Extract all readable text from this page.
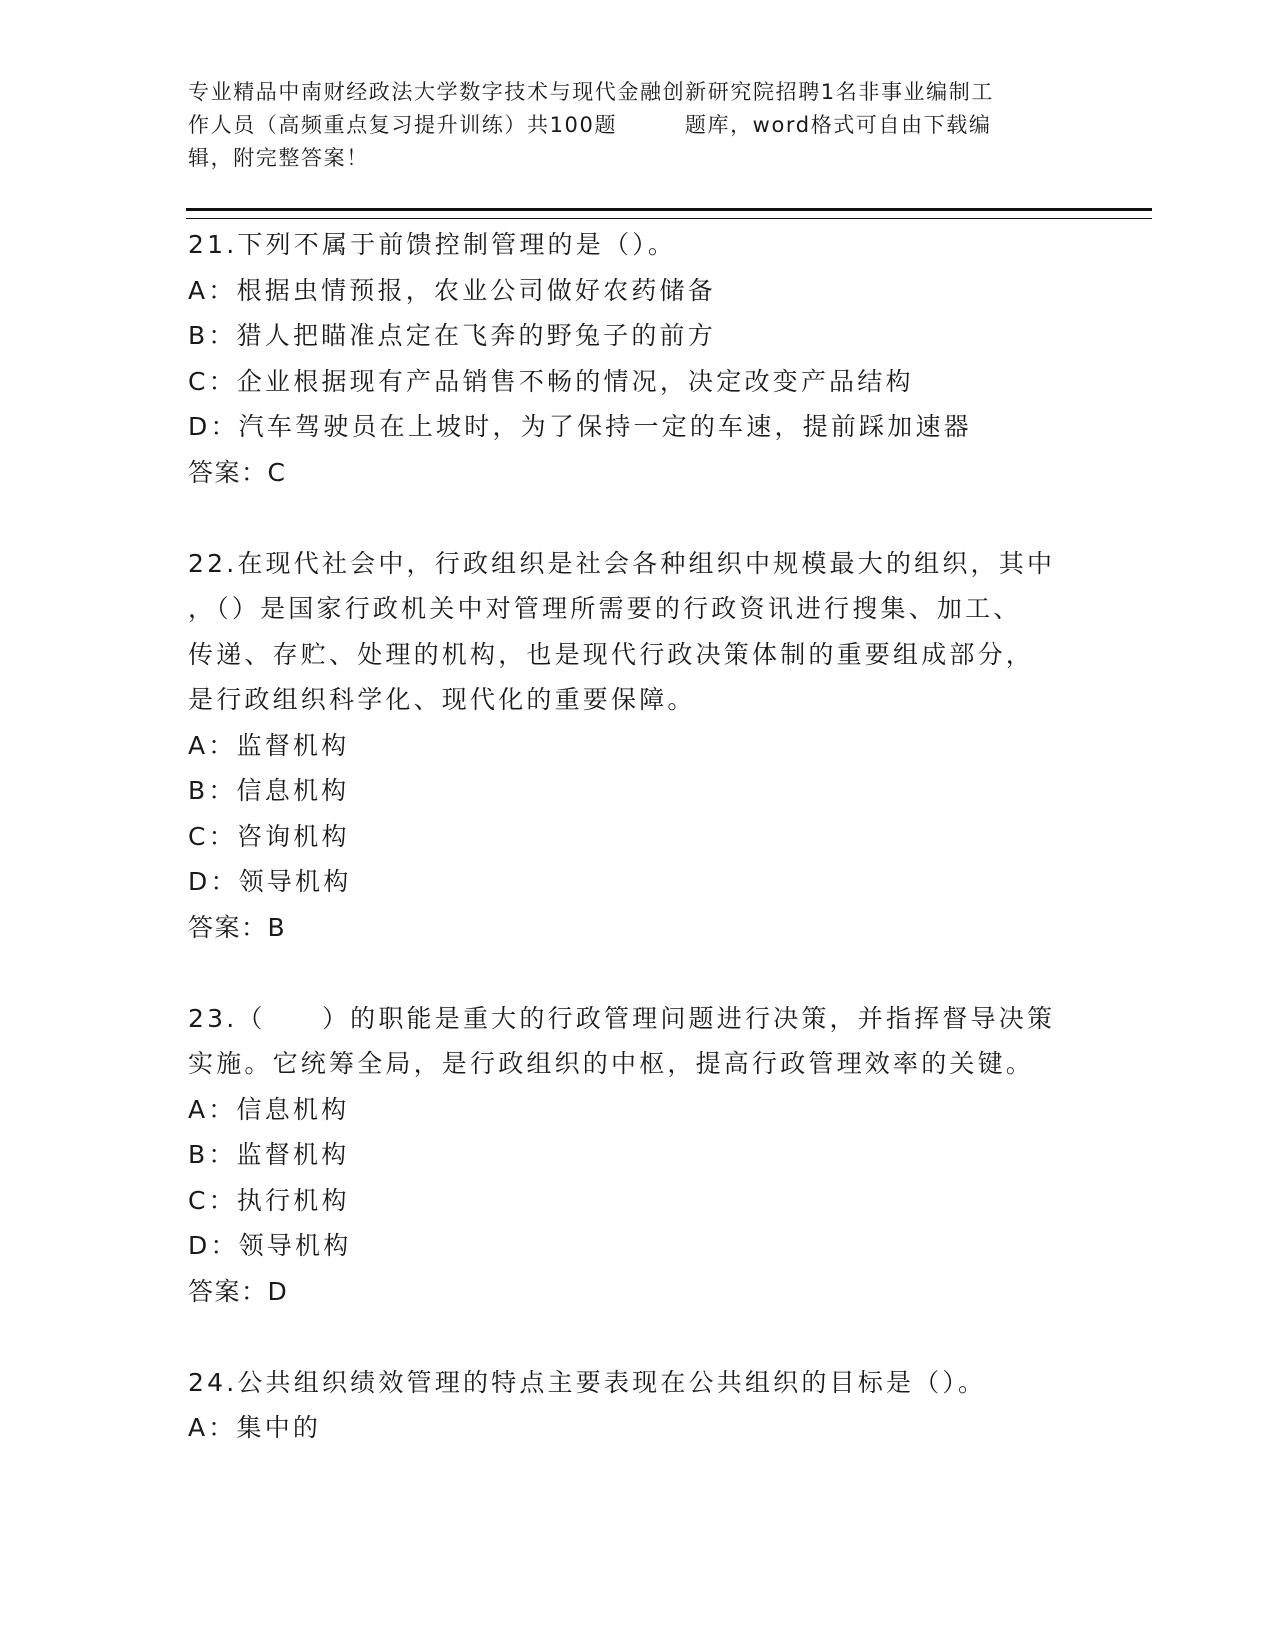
专业精品中南财经政法大学数字技术与现代金融创新研究院招聘1名非事业编制工
作人员（高频重点复习提升训练）共100题　　　题库，word格式可自由下载编
辑，附完整答案！
21.下列不属于前馈控制管理的是（）。
A：根据虫情预报，农业公司做好农药储备
B：猎人把瞄准点定在飞奔的野兔子的前方
C：企业根据现有产品销售不畅的情况，决定改变产品结构
D：汽车驾驶员在上坡时，为了保持一定的车速，提前踩加速器
答案：C
22.在现代社会中，行政组织是社会各种组织中规模最大的组织，其中
，（）是国家行政机关中对管理所需要的行政资讯进行搜集、加工、
传递、存贮、处理的机构，也是现代行政决策体制的重要组成部分，
是行政组织科学化、现代化的重要保障。
A：监督机构
B：信息机构
C：咨询机构
D：领导机构
答案：B
23.（　　）的职能是重大的行政管理问题进行决策，并指挥督导决策
实施。它统筹全局，是行政组织的中枢，提高行政管理效率的关键。
A：信息机构
B：监督机构
C：执行机构
D：领导机构
答案：D
24.公共组织绩效管理的特点主要表现在公共组织的目标是（）。
A：集中的
